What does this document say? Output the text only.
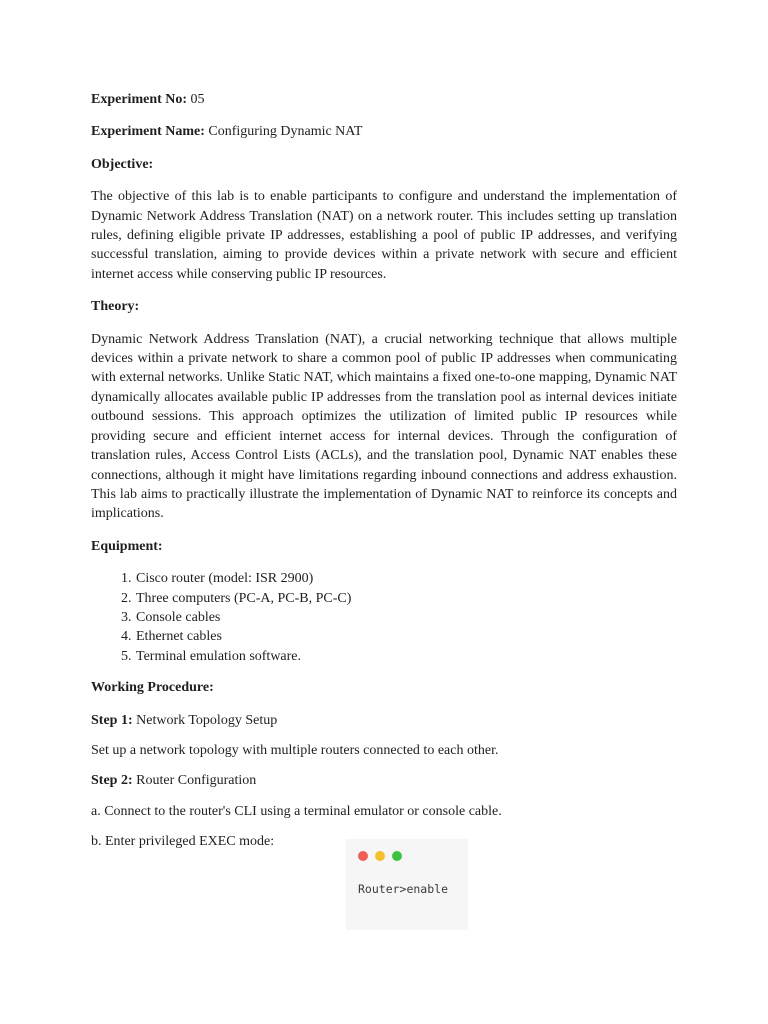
Experiment No: 05

Experiment Name: Configuring Dynamic NAT

Objective:

The objective of this lab is to enable participants to configure and understand the implementation of Dynamic Network Address Translation (NAT) on a network router. This includes setting up translation rules, defining eligible private IP addresses, establishing a pool of public IP addresses, and verifying successful translation, aiming to provide devices within a private network with secure and efficient internet access while conserving public IP resources.

Theory:

Dynamic Network Address Translation (NAT), a crucial networking technique that allows multiple devices within a private network to share a common pool of public IP addresses when communicating with external networks. Unlike Static NAT, which maintains a fixed one-to-one mapping, Dynamic NAT dynamically allocates available public IP addresses from the translation pool as internal devices initiate outbound sessions. This approach optimizes the utilization of limited public IP resources while providing secure and efficient internet access for internal devices. Through the configuration of translation rules, Access Control Lists (ACLs), and the translation pool, Dynamic NAT enables these connections, although it might have limitations regarding inbound connections and address exhaustion. This lab aims to practically illustrate the implementation of Dynamic NAT to reinforce its concepts and implications.

Equipment:

1. Cisco router (model: ISR 2900)
2. Three computers (PC-A, PC-B, PC-C)
3. Console cables
4. Ethernet cables
5. Terminal emulation software.

Working Procedure:

Step 1: Network Topology Setup

Set up a network topology with multiple routers connected to each other.

Step 2: Router Configuration

a. Connect to the router's CLI using a terminal emulator or console cable.

b. Enter privileged EXEC mode:

Router>enable
